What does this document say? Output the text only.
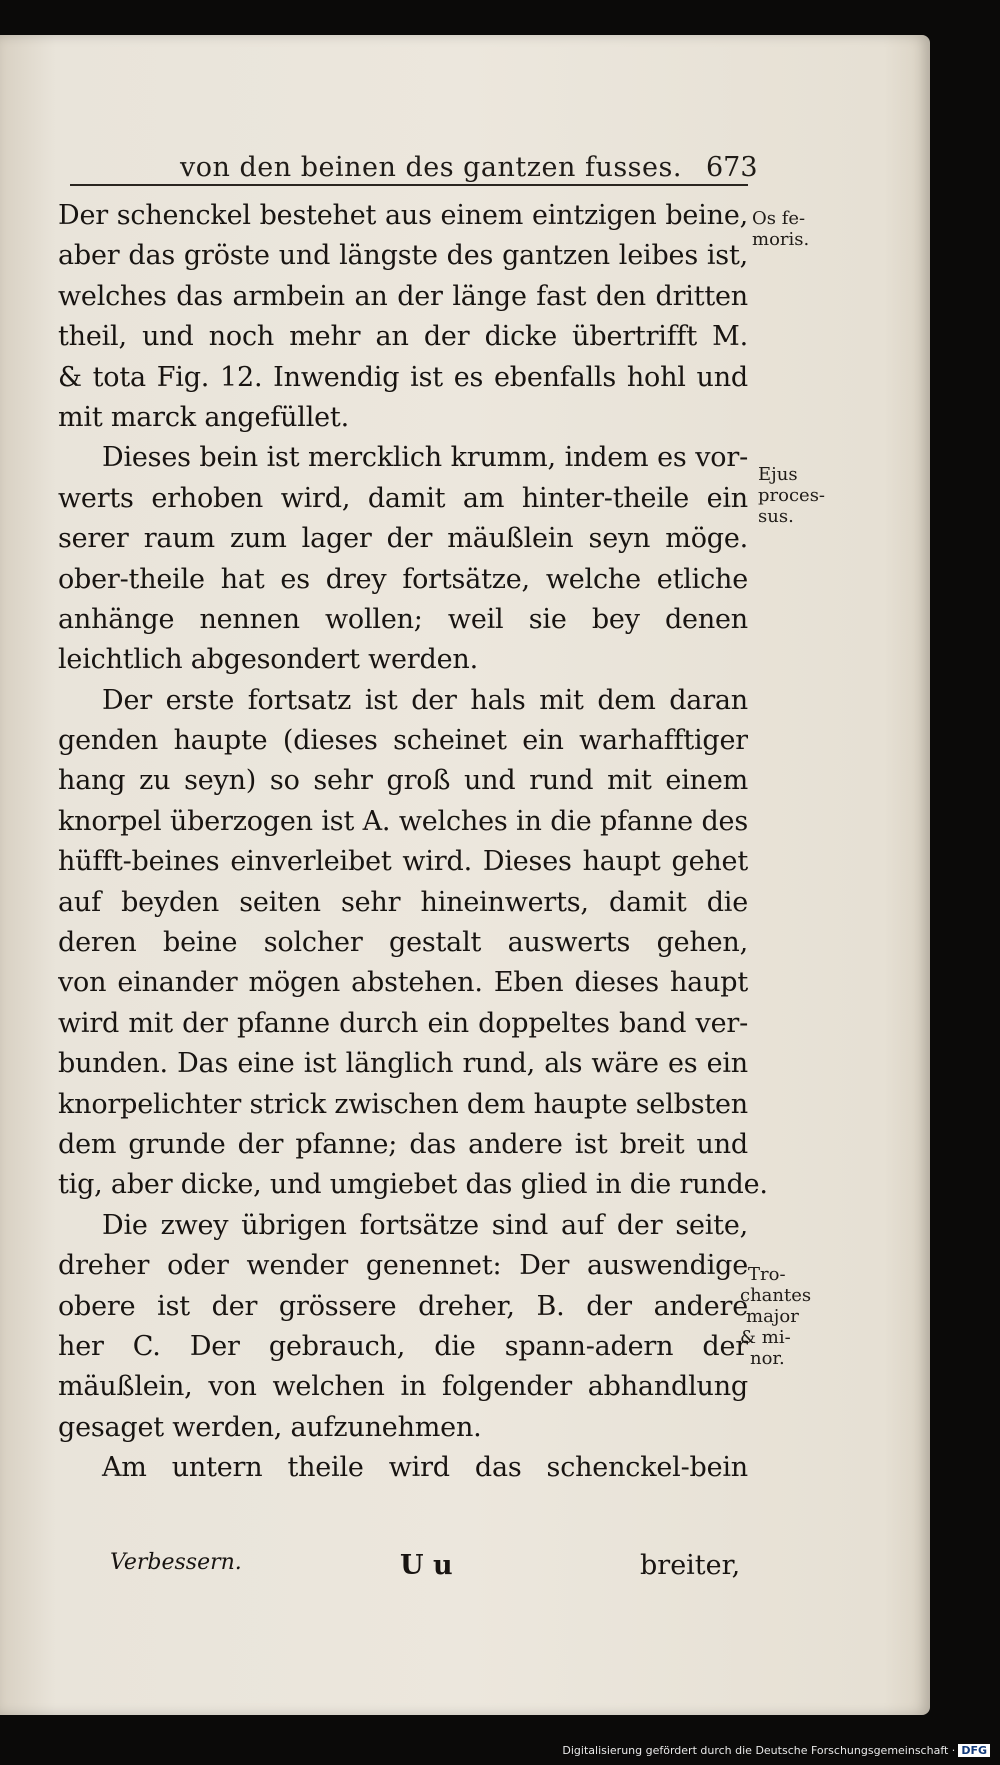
von den beinen des gantzen fusses. 673
Der schenckel bestehet aus einem eintzigen beine,
aber das gröste und längste des gantzen leibes ist,
welches das armbein an der länge fast den dritten
theil, und noch mehr an der dicke übertrifft M.
& tota Fig. 12. Inwendig ist es ebenfalls hohl und
mit marck angefüllet.
Dieses bein ist mercklich krumm, indem es vor-
werts erhoben wird, damit am hinter-theile ein
serer raum zum lager der mäußlein seyn möge.
ober-theile hat es drey fortsätze, welche etliche
anhänge nennen wollen; weil sie bey denen
leichtlich abgesondert werden.
Der erste fortsatz ist der hals mit dem daran
genden haupte (dieses scheinet ein warhafftiger
hang zu seyn) so sehr groß und rund mit einem
knorpel überzogen ist A. welches in die pfanne des
hüfft-beines einverleibet wird. Dieses haupt gehet
auf beyden seiten sehr hineinwerts, damit die
deren beine solcher gestalt auswerts gehen,
von einander mögen abstehen. Eben dieses haupt
wird mit der pfanne durch ein doppeltes band ver-
bunden. Das eine ist länglich rund, als wäre es ein
knorpelichter strick zwischen dem haupte selbsten
dem grunde der pfanne; das andere ist breit und
tig, aber dicke, und umgiebet das glied in die runde.
Die zwey übrigen fortsätze sind auf der seite,
dreher oder wender genennet: Der auswendige
obere ist der grössere dreher, B. der andere
her C. Der gebrauch, die spann-adern der
mäußlein, von welchen in folgender abhandlung
gesaget werden, aufzunehmen.
Am untern theile wird das schenckel-bein
Os fe-
moris.
Ejus
proces-
sus.
Tro-
chantes
major
& mi-
nor.
Verbessern.	U u	breiter,
Digitalisierung gefördert durch die Deutsche Forschungsgemeinschaft · DFG
